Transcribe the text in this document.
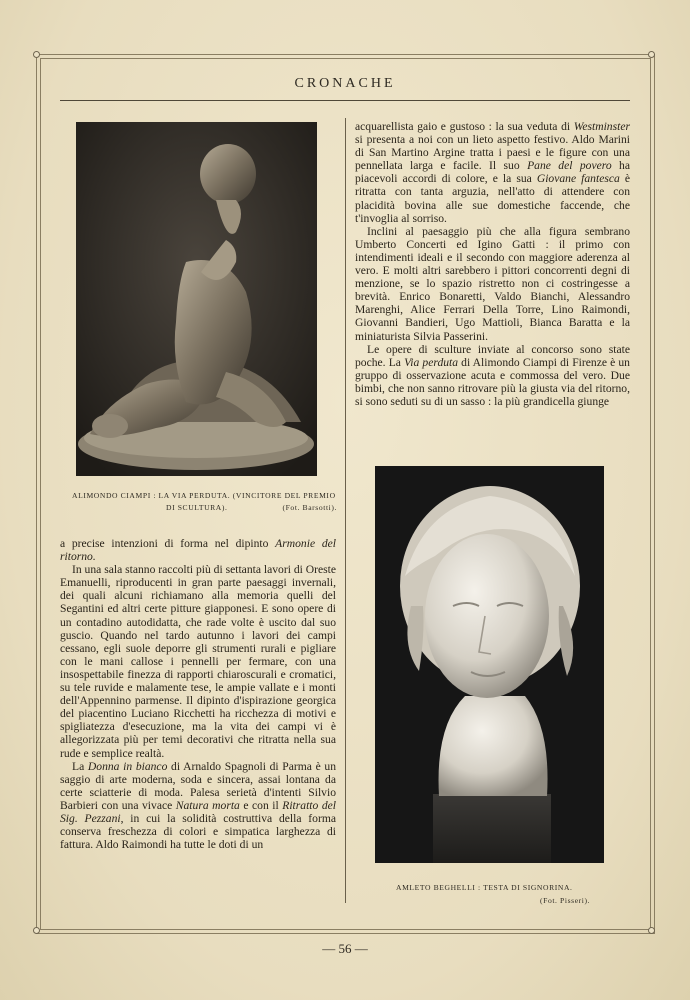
CRONACHE
ALIMONDO CIAMPI : LA VIA PERDUTA. (VINCITORE DEL PREMIO
DI SCULTURA).	(Fot. Barsotti).
AMLETO BEGHELLI : TESTA DI SIGNORINA.
(Fot. Pisseri).

acquarellista gaio e gustoso : la sua veduta di Westminster si presenta a noi con un lieto aspetto festivo. Aldo Marini di San Martino Argine tratta i paesi e le figure con una pennellata larga e facile. Il suo Pane del povero ha piacevoli accordi di colore, e la sua Giovane fantesca è ritratta con tanta arguzia, nell'atto di attendere con placidità bovina alle sue domestiche faccende, che t'invoglia al sorriso.

Inclini al paesaggio più che alla figura sembrano Umberto Concerti ed Igino Gatti : il primo con intendimenti ideali e il secondo con maggiore aderenza al vero. E molti altri sarebbero i pittori concorrenti degni di menzione, se lo spazio ristretto non ci costringesse a brevità. Enrico Bonaretti, Valdo Bianchi, Alessandro Marenghi, Alice Ferrari Della Torre, Lino Raimondi, Giovanni Bandieri, Ugo Mattioli, Bianca Baratta e la miniaturista Silvia Passerini.

Le opere di sculture inviate al concorso sono state poche. La Via perduta di Alimondo Ciampi di Firenze è un gruppo di osservazione acuta e commossa del vero. Due bimbi, che non sanno ritrovare più la giusta via del ritorno, si sono seduti su di un sasso : la più grandicella giunge

a precise intenzioni di forma nel dipinto Armonie del ritorno.

In una sala stanno raccolti più di settanta lavori di Oreste Emanuelli, riproducenti in gran parte paesaggi invernali, dei quali alcuni richiamano alla memoria quelli del Segantini ed altri certe pitture giapponesi. E sono opere di un contadino autodidatta, che rade volte è uscito dal suo guscio. Quando nel tardo autunno i lavori dei campi cessano, egli suole deporre gli strumenti rurali e pigliare con le mani callose i pennelli per fermare, con una insospettabile finezza di rapporti chiaroscurali e cromatici, su tele ruvide e malamente tese, le ampie vallate e i monti dell'Appennino parmense. Il dipinto d'ispirazione georgica del piacentino Luciano Ricchetti ha ricchezza di motivi e spigliatezza d'esecuzione, ma la vita dei campi vi è allegorizzata più per temi decorativi che ritratta nella sua rude e semplice realtà.

La Donna in bianco di Arnaldo Spagnoli di Parma è un saggio di arte moderna, soda e sincera, assai lontana da certe sciatterie di moda. Palesa serietà d'intenti Silvio Barbieri con una vivace Natura morta e con il Ritratto del Sig. Pezzani, in cui la solidità costruttiva della forma conserva freschezza di colori e simpatica larghezza di fattura. Aldo Raimondi ha tutte le doti di un

— 56 —
